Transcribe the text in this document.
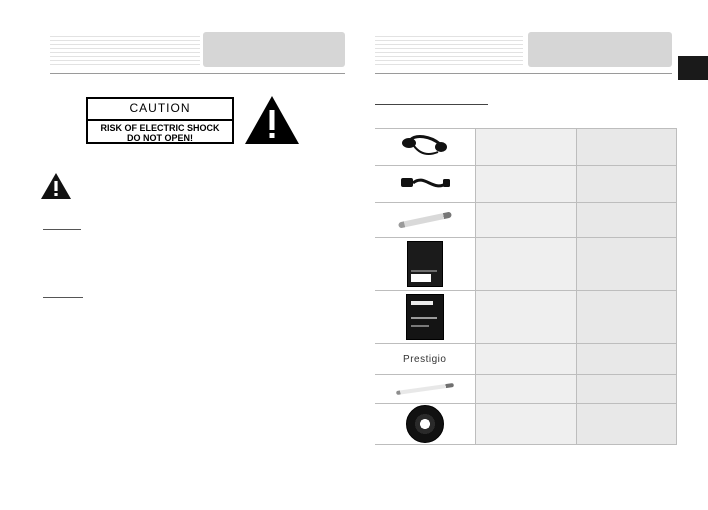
CAUTION
RISK OF ELECTRIC SHOCK
DO NOT OPEN!

Prestigio		
